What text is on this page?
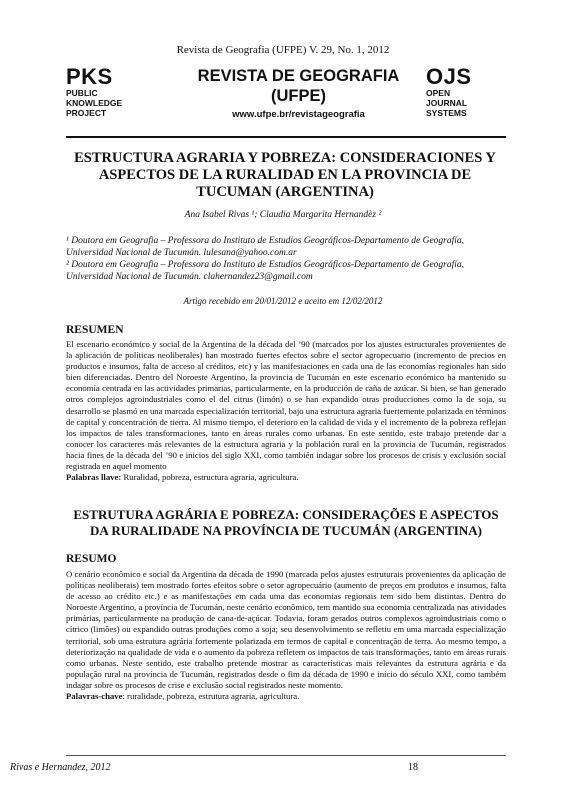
Revista de Geografia (UFPE) V. 29, No. 1, 2012
PKS
PUBLIC
KNOWLEDGE
PROJECT
REVISTA DE GEOGRAFIA
(UFPE)
www.ufpe.br/revistageografia
OJS
OPEN
JOURNAL
SYSTEMS
ESTRUCTURA AGRARIA Y POBREZA: CONSIDERACIONES Y ASPECTOS DE LA RURALIDAD EN LA PROVINCIA DE TUCUMAN (ARGENTINA)
Ana Isabel Rivas ¹; Claudia Margarita Hernandèz ²
¹ Doutora em Geografia – Professora do Instituto de Estudios Geográficos-Departamento de Geografía, Universidad Nacional de Tucumán. lulesana@yahoo.com.ar
² Doutora em Geografia – Professora do Instituto de Estudios Geográficos-Departamento de Geografía, Universidad Nacional de Tucumán. clahernandez23@gmail.com
Artigo recebido em 20/01/2012 e aceito em 12/02/2012
RESUMEN
El escenario económico y social de la Argentina de la década del ’90 (marcados por los ajustes estructurales provenientes de la aplicación de políticas neoliberales) han mostrado fuertes efectos sobre el sector agropecuario (incremento de precios en productos e insumos, falta de acceso al créditos, etc) y las manifestaciones en cada una de las economías regionales han sido bien diferenciadas. Dentro del Noroeste Argentino, la provincia de Tucumán en este escenario económico ha mantenido su economía centrada en las actividades primarias, particularmente, en la producción de caña de azúcar. Si bien, se han generado otros complejos agroindustriales como el del citrus (limón) o se han expandido otras producciones como la de soja, su desarrollo se plasmó en una marcada especialización territorial, bajo una estructura agraria fuertemente polarizada en términos de capital y concentración de tierra. Al mismo tiempo, el deterioro en la calidad de vida y el incremento de la pobreza reflejan los impactos de tales transformaciones, tanto en áreas rurales como urbanas. En este sentido, este trabajo pretende dar a conocer los caracteres más relevantes de la estructura agraria y la población rural en la provincia de Tucumán, registrados hacia fines de la década del ’90 e inicios del siglo XXI, como también indagar sobre los procesos de crisis y exclusión social registrada en aquel momento
Palabras llave: Ruralidad, pobreza, estructura agraria, agricultura.
ESTRUTURA AGRÁRIA E POBREZA: CONSIDERAÇÕES E ASPECTOS DA RURALIDADE NA PROVÍNCIA DE TUCUMÁN (ARGENTINA)
RESUMO
O cenário econômico e social da Argentina da década de 1990 (marcada pelos ajustes estruturais provenientes da aplicação de políticas neoliberais) tem mostrado fortes efeitos sobre o setor agropecuário (aumento de preços em produtos e insumos, falta de acesso ao crédito etc.) e as manifestações em cada uma das economias regionais tem sido bem distintas. Dentro do Noroeste Argentino, a província de Tucumán, neste cenário econômico, tem mantido sua economia centralizada nas atividades primárias, particularmente na produção de cana-de-açúcar. Todavia, foram gerados outros complexos agroindustriais como o cítrico (limões) ou expandido outras produções como a soja; seu desenvolvimento se refletiu em uma marcada especialização territorial, sob uma estrutura agrária fortemente polarizada em termos de capital e concentração de terra. Ao mesmo tempo, a deteriorização na qualidade de vida e o aumento da pobreza refletem os impactos de tais transformações, tanto em áreas rurais como urbanas. Neste sentido, este trabalho pretende mostrar as características mais relevantes da estrutura agrária e da população rural na província de Tucumán, registrados desde o fim da década de 1990 e início do século XXI, como também indagar sobre os procesos de crise e exclusão social registrados neste momento.
Palavras-chave: ruralidade, pobreza, estrutura agraria, agricultura.
Rivas e Hernandez, 2012	18
